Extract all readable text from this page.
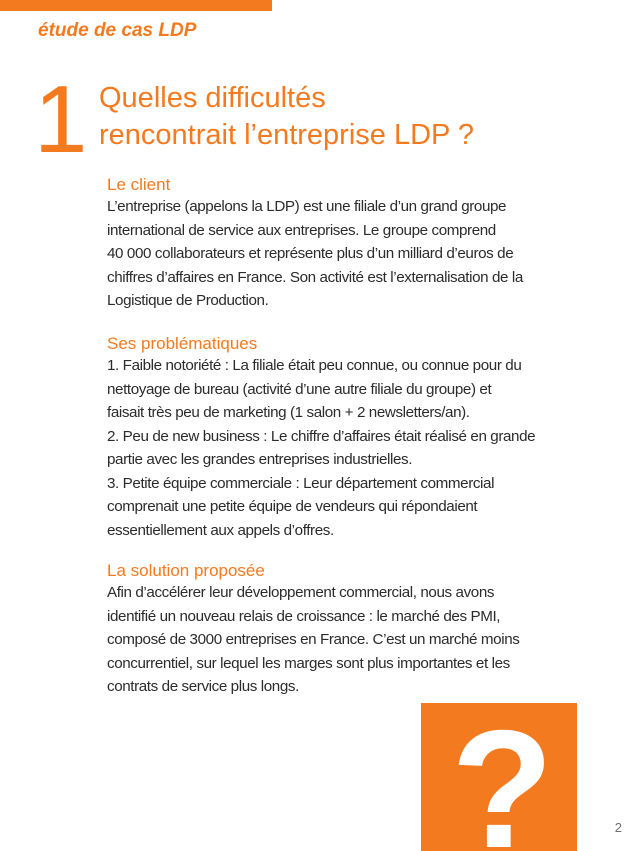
étude de cas LDP
1 Quelles difficultés
rencontrait l’entreprise LDP ?
Le client
L’entreprise (appelons la LDP) est une filiale d’un grand groupe
international de service aux entreprises. Le groupe comprend
40 000 collaborateurs et représente plus d’un milliard d’euros de
chiffres d’affaires en France. Son activité est l’externalisation de la
Logistique de Production.
Ses problématiques
1. Faible notoriété : La filiale était peu connue, ou connue pour du
nettoyage de bureau (activité d’une autre filiale du groupe) et
faisait très peu de marketing (1 salon + 2 newsletters/an).
2. Peu de new business : Le chiffre d’affaires était réalisé en grande
partie avec les grandes entreprises industrielles.
3. Petite équipe commerciale : Leur département commercial
comprenait une petite équipe de vendeurs qui répondaient
essentiellement aux appels d’offres.
La solution proposée
Afin d’accélérer leur développement commercial, nous avons
identifié un nouveau relais de croissance : le marché des PMI,
composé de 3000 entreprises en France. C’est un marché moins
concurrentiel, sur lequel les marges sont plus importantes et les
contrats de service plus longs.
?	2
